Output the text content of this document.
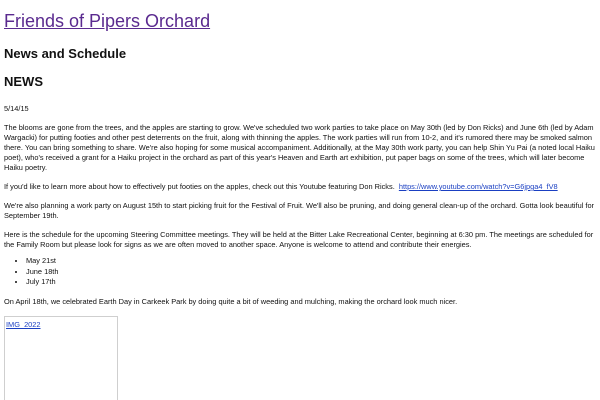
Friends of Pipers Orchard
News and Schedule
NEWS
5/14/15

The blooms are gone from the trees, and the apples are starting to grow. We've scheduled two work parties to take place on May 30th (led by Don Ricks) and June 6th (led by Adam Wargacki) for putting footies and other pest deterrents on the fruit, along with thinning the apples. The work parties will run from 10-2, and it's rumored there may be smoked salmon there. You can bring something to share. We're also hoping for some musical accompaniment. Additionally, at the May 30th work party, you can help Shin Yu Pai (a noted local Haiku poet), who's received a grant for a Haiku project in the orchard as part of this year's Heaven and Earth art exhibition, put paper bags on some of the trees, which will later become Haiku poetry.

If you'd like to learn more about how to effectively put footies on the apples, check out this Youtube featuring Don Ricks. https://www.youtube.com/watch?v=G6jpga4_fV8

We're also planning a work party on August 15th to start picking fruit for the Festival of Fruit. We'll also be pruning, and doing general clean-up of the orchard. Gotta look beautiful for September 19th.

Here is the schedule for the upcoming Steering Committee meetings. They will be held at the Bitter Lake Recreational Center, beginning at 6:30 pm. The meetings are scheduled for the Family Room but please look for signs as we are often moved to another space. Anyone is welcome to attend and contribute their energies.

• May 21st
• June 18th
• July 17th

On April 18th, we celebrated Earth Day in Carkeek Park by doing quite a bit of weeding and mulching, making the orchard look much nicer.

IMG_2022
